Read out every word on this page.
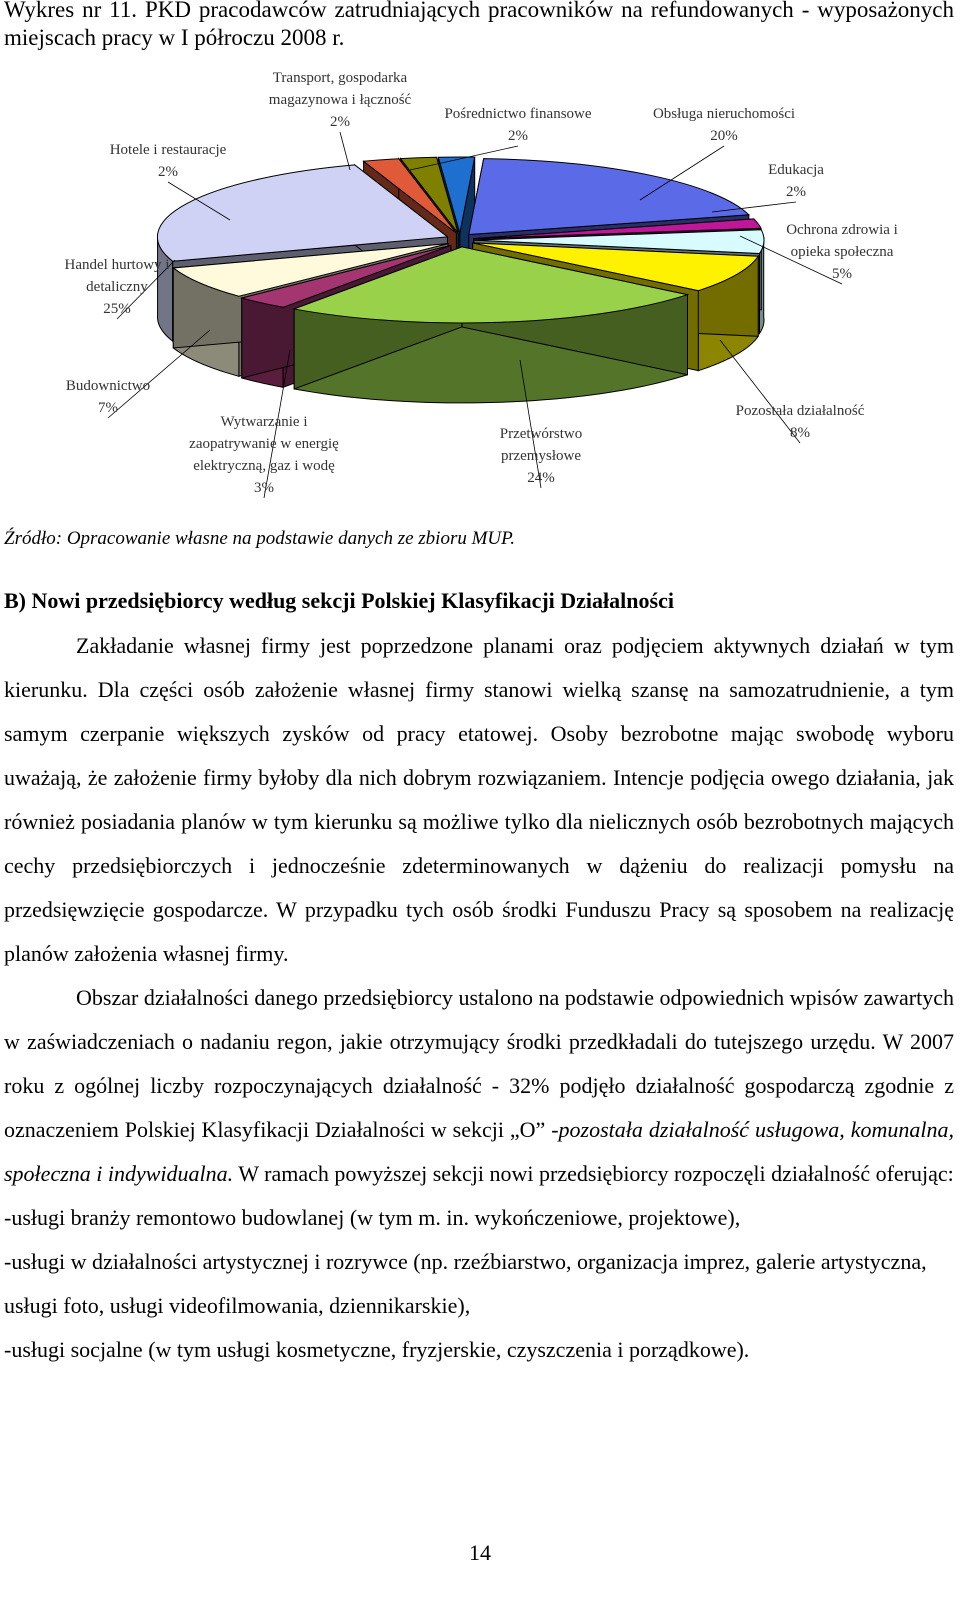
Wykres nr 11. PKD pracodawców zatrudniających pracowników na refundowanych - wyposażonych miejscach pracy w I półroczu 2008 r.
Transport, gospodarka magazynowa i łączność 2%	Pośrednictwo finansowe 2%
Obsługa nieruchomości 20%
Edukacja 2%
Ochrona zdrowia i opieka społeczna 5%
Pozostała działalność 8%
Przetwórstwo przemysłowe 24%
Wytwarzanie i zaopatrywanie w energię elektryczną, gaz i wodę 3%
Budownictwo 7%
Handel hurtowy i detaliczny 25%
Hotele i restauracje 2%
Źródło: Opracowanie własne na podstawie danych ze zbioru MUP.
B) Nowi przedsiębiorcy według sekcji Polskiej Klasyfikacji Działalności

Zakładanie własnej firmy jest poprzedzone planami oraz podjęciem aktywnych działań w tym kierunku. Dla części osób założenie własnej firmy stanowi wielką szansę na samozatrudnienie, a tym samym czerpanie większych zysków od pracy etatowej. Osoby bezrobotne mając swobodę wyboru uważają, że założenie firmy byłoby dla nich dobrym rozwiązaniem. Intencje podjęcia owego działania, jak również posiadania planów w tym kierunku są możliwe tylko dla nielicznych osób bezrobotnych mających cechy przedsiębiorczych i jednocześnie zdeterminowanych w dążeniu do realizacji pomysłu na przedsięwzięcie gospodarcze. W przypadku tych osób środki Funduszu Pracy są sposobem na realizację planów założenia własnej firmy.

Obszar działalności danego przedsiębiorcy ustalono na podstawie odpowiednich wpisów zawartych w zaświadczeniach o nadaniu regon, jakie otrzymujący środki przedkładali do tutejszego urzędu. W 2007 roku z ogólnej liczby rozpoczynających działalność - 32% podjęło działalność gospodarczą zgodnie z oznaczeniem Polskiej Klasyfikacji Działalności w sekcji „O” -pozostała działalność usługowa, komunalna, społeczna i indywidualna. W ramach powyższej sekcji nowi przedsiębiorcy rozpoczęli działalność oferując:

-usługi branży remontowo budowlanej (w tym m. in. wykończeniowe, projektowe),

-usługi w działalności artystycznej i rozrywce (np. rzeźbiarstwo, organizacja imprez, galerie artystyczna, usługi foto, usługi videofilmowania, dziennikarskie),

-usługi socjalne (w tym usługi kosmetyczne, fryzjerskie, czyszczenia i porządkowe).

14
